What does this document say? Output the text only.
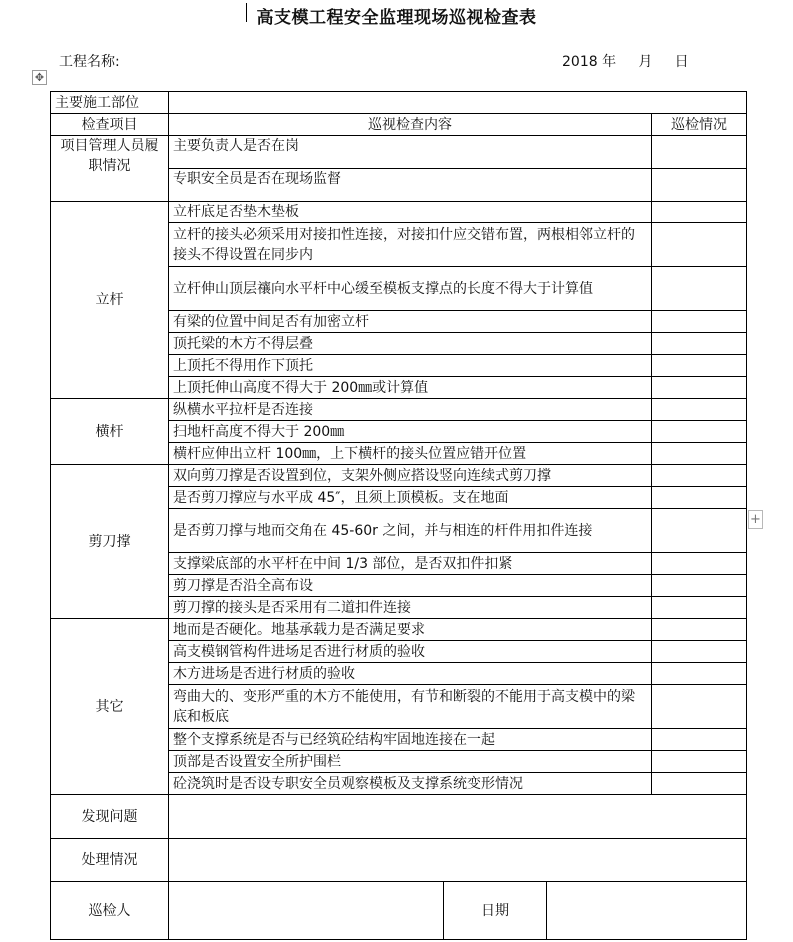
高支模工程安全监理现场巡视检查表
工程名称:	2018 年 月 日
✥
+
主要施工部位				
检查项目	巡视检查内容			巡检情况
项目管理人员履职情况	主要负责人是否在岗			
	专职安全员是否在现场监督			
立杆	立杆底足否垫木垫板			
	立杆的接头必须采用对接扣性连接，对接扣什应交错布置，两根相邻立杆的接头不得设置在同步内			
	立杆伸山顶层禳向水平杆中心缓至模板支撑点的长度不得大于计算值			
	有梁的位置中间足否有加密立杆			
	顶托梁的木方不得层叠			
	上顶托不得用作下顶托			
	上顶托伸山高度不得大于 200㎜或计算值			
横杆	纵横水平拉杆是否连接			
	扫地杆高度不得大于 200㎜			
	横杆应伸出立杆 100㎜，上下横杆的接头位置应错开位置			
剪刀撑	双向剪刀撑是否设置到位，支架外侧应搭设竖向连续式剪刀撑			
	是否剪刀撑应与水平成 45″，且须上顶模板。支在地面			
	是否剪刀撑与地而交角在 45-60r 之间，并与相连的杆件用扣件连接			
	支撑梁底部的水平杆在中间 1/3 部位，是否双扣件扣紧			
	剪刀撑是否沿全高布设			
	剪刀撑的接头是否采用有二道扣件连接			
其它	地而是否硬化。地基承载力是否满足要求			
	高支模钢管构件进场足否进行材质的验收			
	木方进场是否进行材质的验收			
	弯曲大的、变形严重的木方不能使用，有节和断裂的不能用于高支模中的梁底和板底			
	整个支撑系统是否与已经筑砼结构牢固地连接在一起			
	顶部是否设置安全所护围栏			
	砼浇筑时是否设专职安全员观察模板及支撑系统变形情况			
发现问题				
处理情况				
巡检人		日期		
